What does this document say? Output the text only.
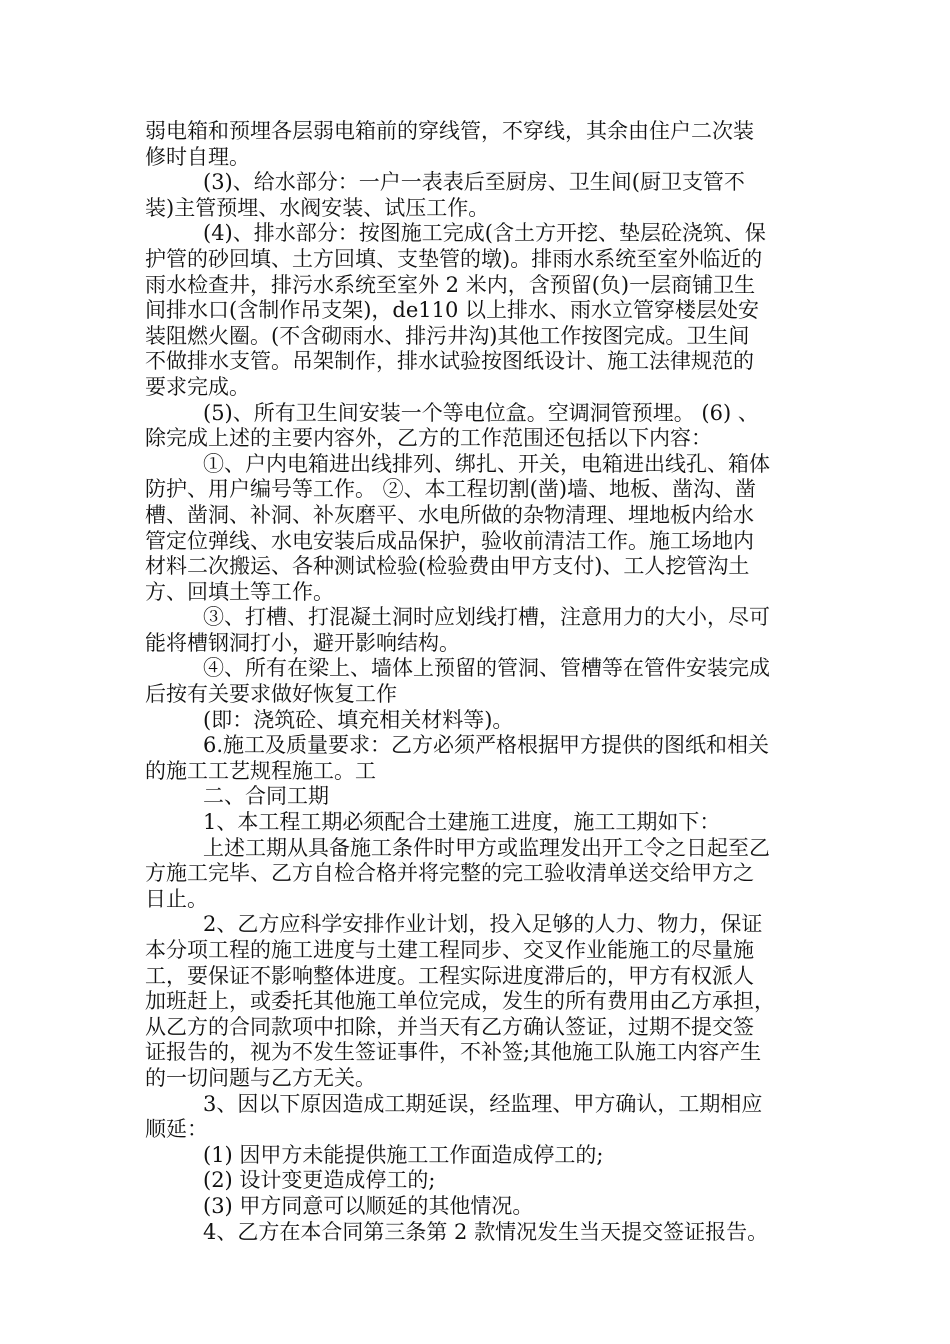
弱电箱和预埋各层弱电箱前的穿线管，不穿线，其余由住户二次装
修时自理。
(3)、给水部分：一户一表表后至厨房、卫生间(厨卫支管不
装)主管预埋、水阀安装、试压工作。
(4)、排水部分：按图施工完成(含土方开挖、垫层砼浇筑、保
护管的砂回填、土方回填、支垫管的墩)。排雨水系统至室外临近的
雨水检查井，排污水系统至室外 2 米内，含预留(负)一层商铺卫生
间排水口(含制作吊支架)，de110 以上排水、雨水立管穿楼层处安
装阻燃火圈。(不含砌雨水、排污井沟)其他工作按图完成。卫生间
不做排水支管。吊架制作，排水试验按图纸设计、施工法律规范的
要求完成。
(5)、所有卫生间安装一个等电位盒。空调洞管预埋。 (6) 、
除完成上述的主要内容外，乙方的工作范围还包括以下内容：
①、户内电箱进出线排列、绑扎、开关，电箱进出线孔、箱体
防护、用户编号等工作。 ②、本工程切割(凿)墙、地板、凿沟、凿
槽、凿洞、补洞、补灰磨平、水电所做的杂物清理、埋地板内给水
管定位弹线、水电安装后成品保护，验收前清洁工作。施工场地内
材料二次搬运、各种测试检验(检验费由甲方支付)、工人挖管沟土
方、回填土等工作。
③、打槽、打混凝土洞时应划线打槽，注意用力的大小，尽可
能将槽钢洞打小，避开影响结构。
④、所有在梁上、墙体上预留的管洞、管槽等在管件安装完成
后按有关要求做好恢复工作
(即：浇筑砼、填充相关材料等)。
6.施工及质量要求：乙方必须严格根据甲方提供的图纸和相关
的施工工艺规程施工。工
二、合同工期
1、本工程工期必须配合土建施工进度，施工工期如下：
上述工期从具备施工条件时甲方或监理发出开工令之日起至乙
方施工完毕、乙方自检合格并将完整的完工验收清单送交给甲方之
日止。
2、乙方应科学安排作业计划，投入足够的人力、物力，保证
本分项工程的施工进度与土建工程同步、交叉作业能施工的尽量施
工，要保证不影响整体进度。工程实际进度滞后的，甲方有权派人
加班赶上，或委托其他施工单位完成，发生的所有费用由乙方承担，
从乙方的合同款项中扣除，并当天有乙方确认签证，过期不提交签
证报告的，视为不发生签证事件，不补签;其他施工队施工内容产生
的一切问题与乙方无关。
3、因以下原因造成工期延误，经监理、甲方确认，工期相应
顺延：
(1) 因甲方未能提供施工工作面造成停工的;
(2) 设计变更造成停工的;
(3) 甲方同意可以顺延的其他情况。
4、乙方在本合同第三条第 2 款情况发生当天提交签证报告。
